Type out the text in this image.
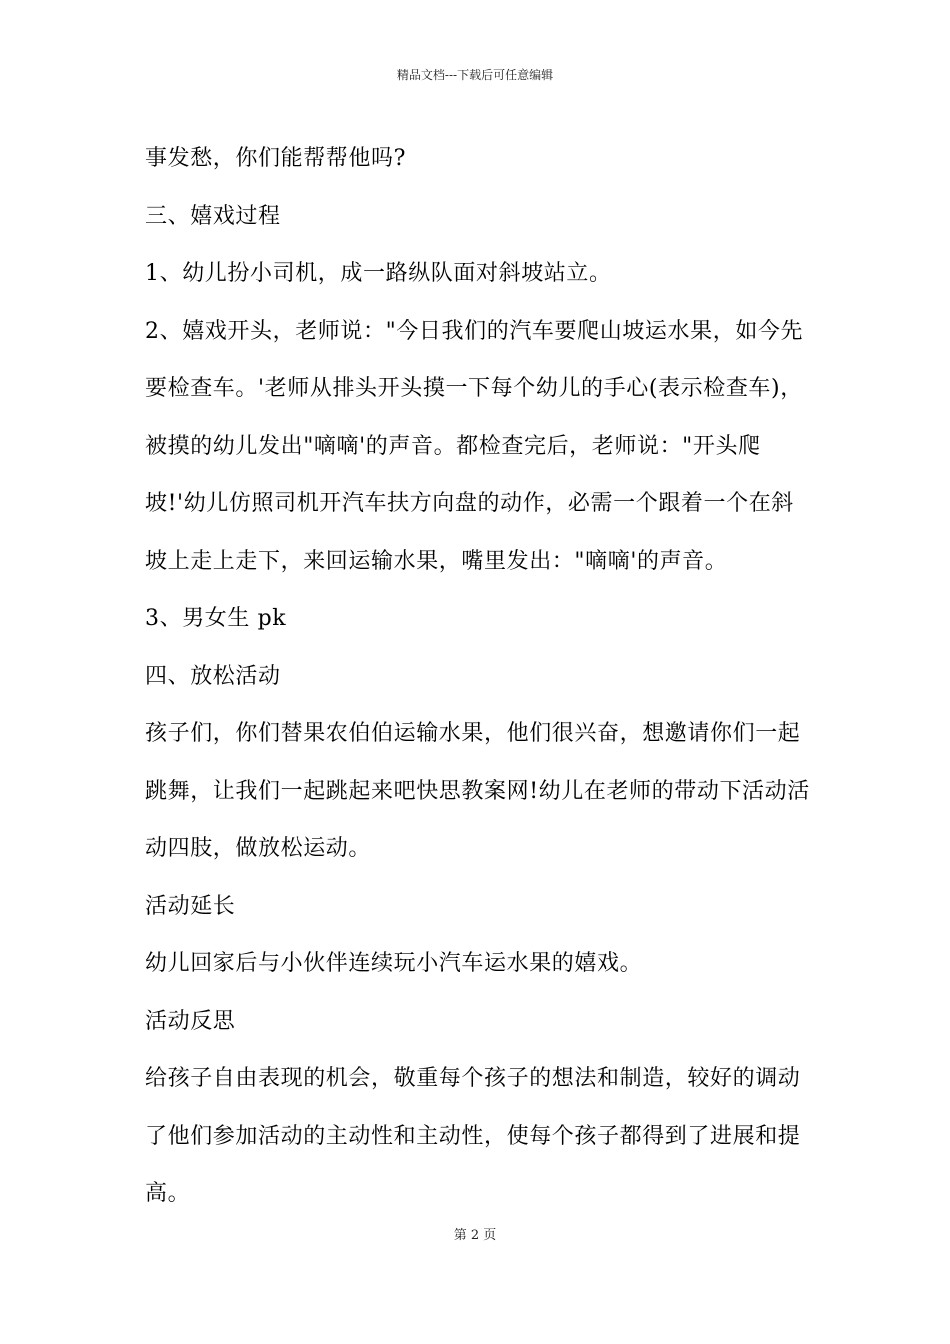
精品文档---下载后可任意编辑
事发愁，你们能帮帮他吗?
三、嬉戏过程
1、幼儿扮小司机，成一路纵队面对斜坡站立。
2、嬉戏开头，老师说："今日我们的汽车要爬山坡运水果，如今先
要检查车。'老师从排头开头摸一下每个幼儿的手心(表示检查车)，
被摸的幼儿发出"嘀嘀'的声音。都检查完后，老师说："开头爬
坡!'幼儿仿照司机开汽车扶方向盘的动作，必需一个跟着一个在斜
坡上走上走下，来回运输水果，嘴里发出："嘀嘀'的声音。
3、男女生 pk
四、放松活动
孩子们，你们替果农伯伯运输水果，他们很兴奋，想邀请你们一起
跳舞，让我们一起跳起来吧快思教案网!幼儿在老师的带动下活动活
动四肢，做放松运动。
活动延长
幼儿回家后与小伙伴连续玩小汽车运水果的嬉戏。
活动反思
给孩子自由表现的机会，敬重每个孩子的想法和制造，较好的调动
了他们参加活动的主动性和主动性，使每个孩子都得到了进展和提
高。
第 2 页
